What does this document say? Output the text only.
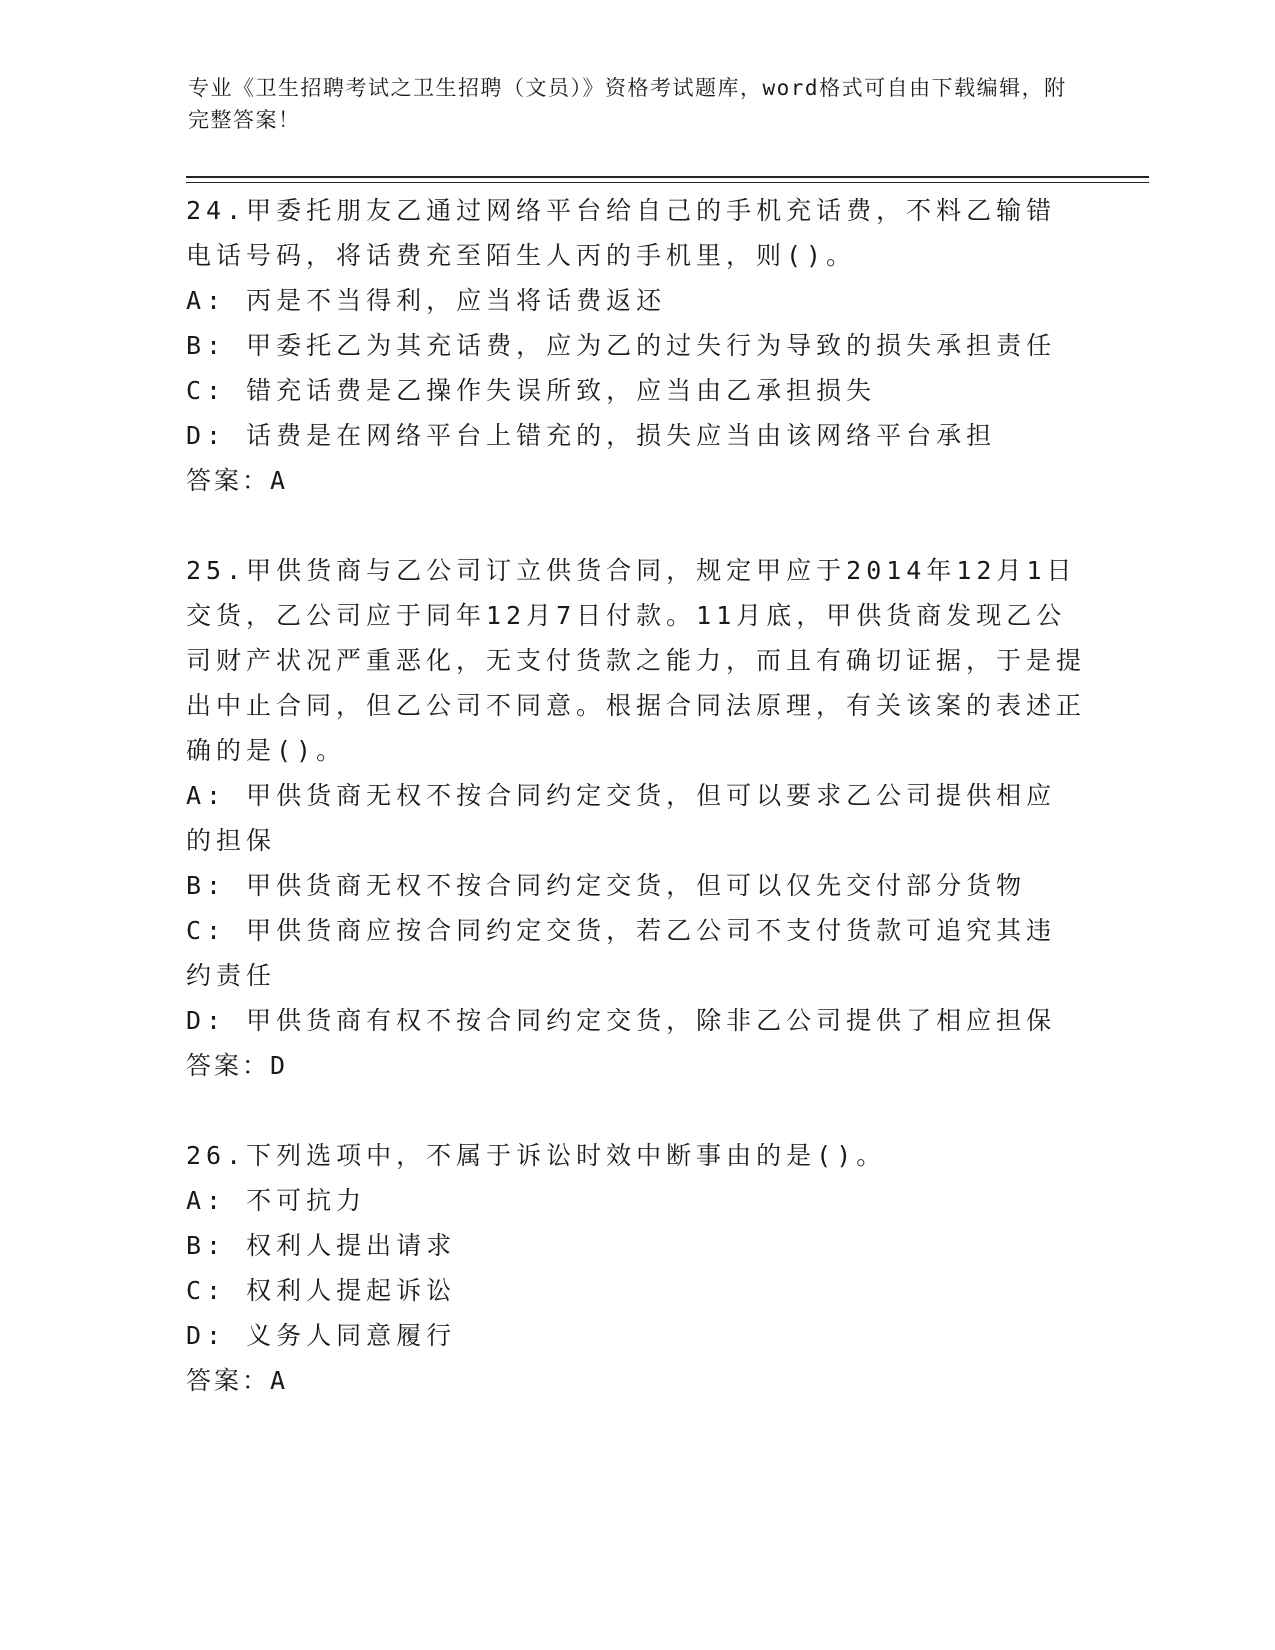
专业《卫生招聘考试之卫生招聘（文员）》资格考试题库，word格式可自由下载编辑，附完整答案！

24.甲委托朋友乙通过网络平台给自己的手机充话费，不料乙输错电话号码，将话费充至陌生人丙的手机里，则()。

A: 丙是不当得利，应当将话费返还

B: 甲委托乙为其充话费，应为乙的过失行为导致的损失承担责任

C: 错充话费是乙操作失误所致，应当由乙承担损失

D: 话费是在网络平台上错充的，损失应当由该网络平台承担

答案：A

25.甲供货商与乙公司订立供货合同，规定甲应于2014年12月1日交货，乙公司应于同年12月7日付款。11月底，甲供货商发现乙公司财产状况严重恶化，无支付货款之能力，而且有确切证据，于是提出中止合同，但乙公司不同意。根据合同法原理，有关该案的表述正确的是()。

A: 甲供货商无权不按合同约定交货，但可以要求乙公司提供相应的担保

B: 甲供货商无权不按合同约定交货，但可以仅先交付部分货物

C: 甲供货商应按合同约定交货，若乙公司不支付货款可追究其违约责任

D: 甲供货商有权不按合同约定交货，除非乙公司提供了相应担保

答案：D

26.下列选项中，不属于诉讼时效中断事由的是()。

A: 不可抗力

B: 权利人提出请求

C: 权利人提起诉讼

D: 义务人同意履行

答案：A
